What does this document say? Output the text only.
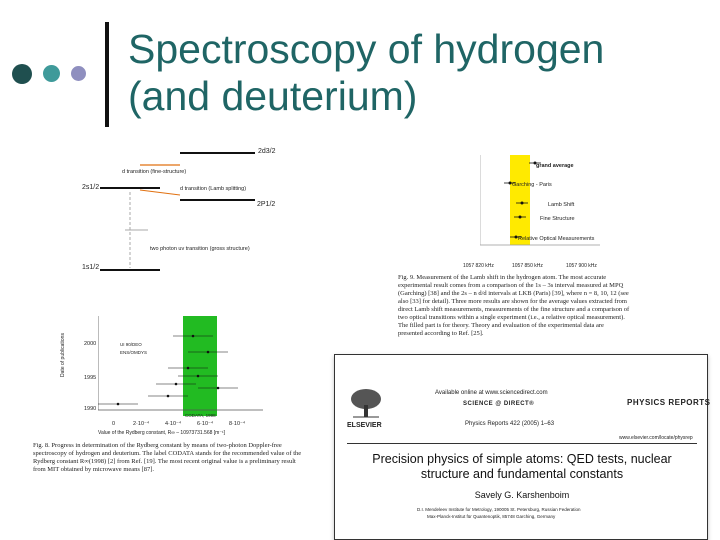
Spectroscopy of hydrogen
(and deuterium)
2d3/2
2s1/2
2P1/2
1s1/2
d transition (fine-structure)
d transition (Lamb splitting)
two photon uv transition (gross structure)
grand average
Garching - Paris
Lamb Shift
Fine Structure
Relative Optical Measurements
1057 820 kHz	1057 850 kHz	1057 900 kHz
Fig. 9. Measurement of the Lamb shift in the hydrogen atom. The most accurate experimental result comes from a comparison of the 1s – 3s interval measured at MPQ (Garching) [38] and the 2s – n d/d intervals at LKB (Paris) [39], where n = 8, 10, 12 (see also [33] for detail). Three more results are shown for the average values extracted from direct Lamb shift measurements, measurements of the fine structure and a comparison of two optical transitions within a single experiment (i.e., a relative optical measurement). The filled part is for theory. Theory and evaluation of the experimental data are presented according to Ref. [25].
Date of publications	2000
1995
1990
UI 90/DEO
ENS/OMDYS
CODATA, 1998
0	2·10⁻⁴	4·10⁻⁴	6·10⁻⁴	8·10⁻⁴
Value of the Rydberg constant, R∞ – 10973731.568 [m⁻¹]
Fig. 8. Progress in determination of the Rydberg constant by means of two-photon Doppler-free spectroscopy of hydrogen and deuterium. The label CODATA stands for the recommended value of the Rydberg constant R∞(1998) [2] from Ref. [19]. The most recent original value is a preliminary result from MIT obtained by microwave means [87].
Available online at www.sciencedirect.com
SCIENCE @ DIRECT®	PHYSICS REPORTS
ELSEVIER	Physics Reports 422 (2005) 1–63
www.elsevier.com/locate/physrep
Precision physics of simple atoms: QED tests, nuclear structure and fundamental constants
Savely G. Karshenboim
D.I. Mendeleev Institute for Metrology, 190005 St. Petersburg, Russian Federation
Max-Planck-Institut für Quantenoptik, 85748 Garching, Germany
